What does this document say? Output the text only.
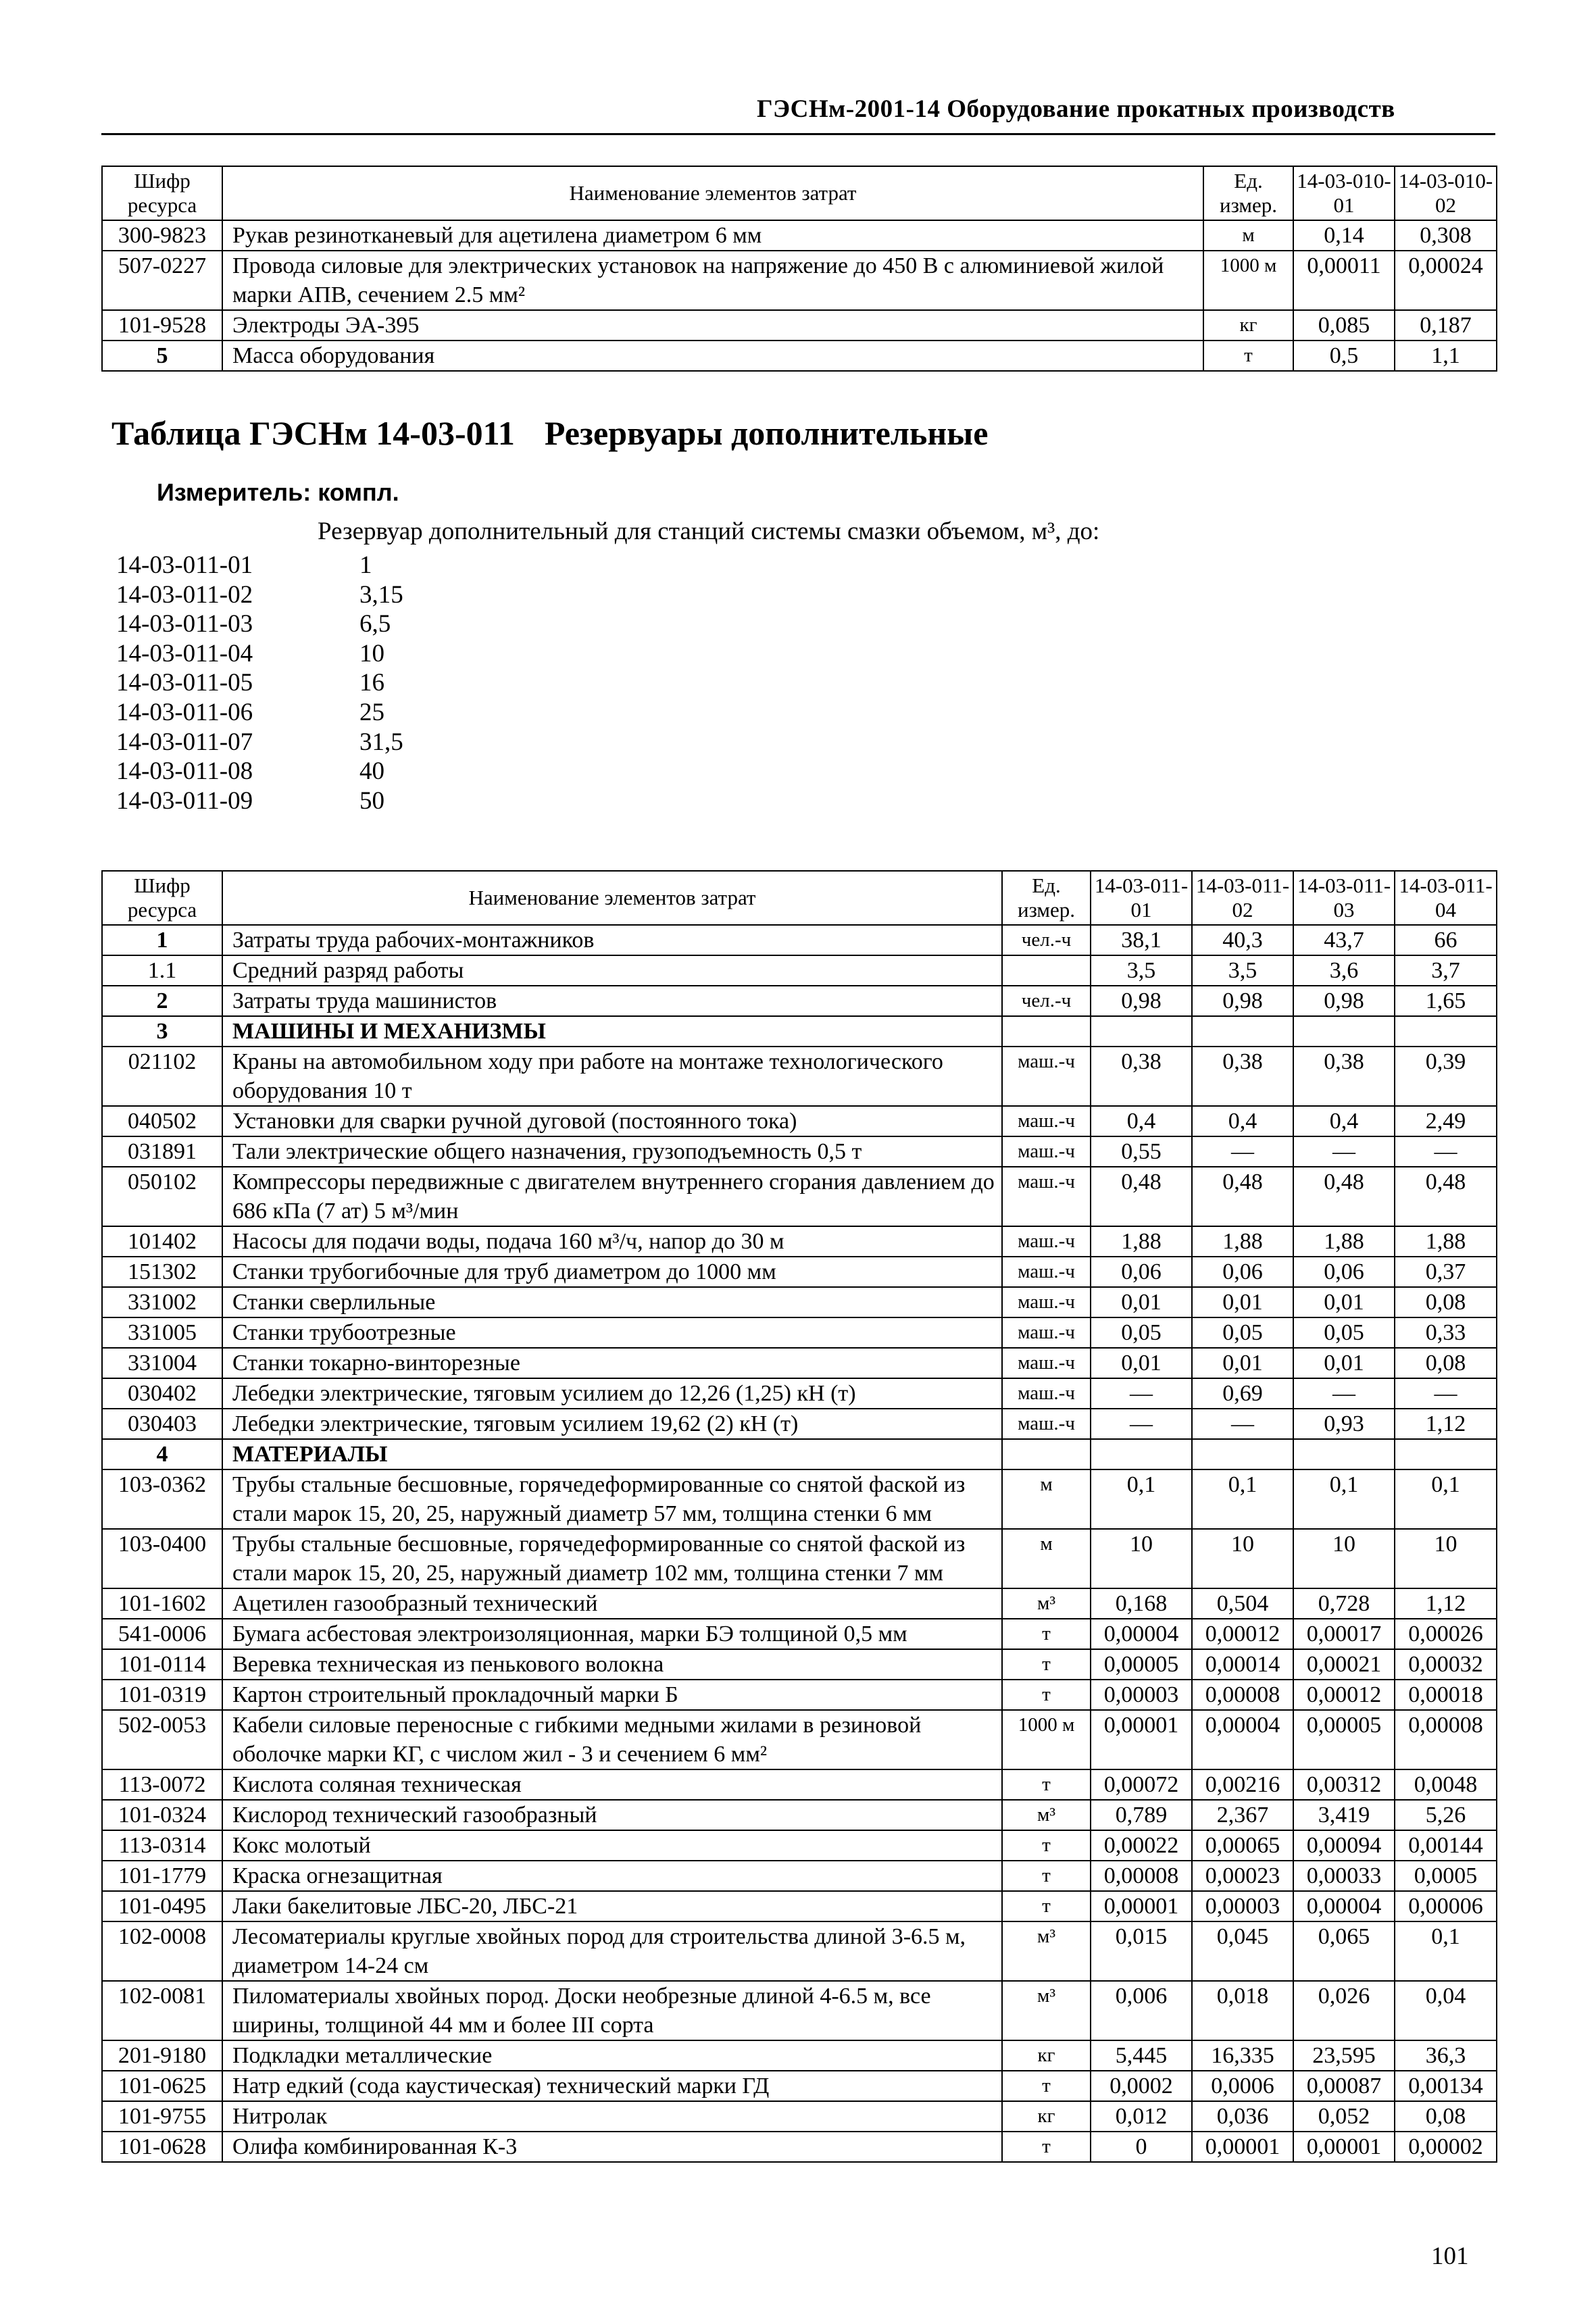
ГЭСНм-2001-14 Оборудование прокатных производств
Шифр ресурса	Наименование элементов затрат	Ед. измер.	14-03-010-01	14-03-010-02
300-9823	Рукав резинотканевый для ацетилена диаметром 6 мм	м	0,14	0,308
507-0227	Провода силовые для электрических установок на напряжение до 450 В с алюминиевой жилой марки АПВ, сечением 2.5 мм²	1000 м	0,00011	0,00024
101-9528	Электроды ЭА-395	кг	0,085	0,187
5	Масса оборудования	т	0,5	1,1
Таблица ГЭСНм 14-03-011 Резервуары дополнительные
Измеритель: компл.
Резервуар дополнительный для станций системы смазки объемом, м³, до:
14-03-011-01	1
14-03-011-02	3,15
14-03-011-03	6,5
14-03-011-04	10
14-03-011-05	16
14-03-011-06	25
14-03-011-07	31,5
14-03-011-08	40
14-03-011-09	50
Шифр ресурса	Наименование элементов затрат	Ед. измер.	14-03-011-01	14-03-011-02	14-03-011-03	14-03-011-04
1	Затраты труда рабочих-монтажников	чел.-ч	38,1	40,3	43,7	66
1.1	Средний разряд работы		3,5	3,5	3,6	3,7
2	Затраты труда машинистов	чел.-ч	0,98	0,98	0,98	1,65
3	МАШИНЫ И МЕХАНИЗМЫ					
021102	Краны на автомобильном ходу при работе на монтаже технологического оборудования 10 т	маш.-ч	0,38	0,38	0,38	0,39
040502	Установки для сварки ручной дуговой (постоянного тока)	маш.-ч	0,4	0,4	0,4	2,49
031891	Тали электрические общего назначения, грузоподъемность 0,5 т	маш.-ч	0,55	—	—	—
050102	Компрессоры передвижные с двигателем внутреннего сгорания давлением до 686 кПа (7 ат) 5 м³/мин	маш.-ч	0,48	0,48	0,48	0,48
101402	Насосы для подачи воды, подача 160 м³/ч, напор до 30 м	маш.-ч	1,88	1,88	1,88	1,88
151302	Станки трубогибочные для труб диаметром до 1000 мм	маш.-ч	0,06	0,06	0,06	0,37
331002	Станки сверлильные	маш.-ч	0,01	0,01	0,01	0,08
331005	Станки трубоотрезные	маш.-ч	0,05	0,05	0,05	0,33
331004	Станки токарно-винторезные	маш.-ч	0,01	0,01	0,01	0,08
030402	Лебедки электрические, тяговым усилием до 12,26 (1,25) кН (т)	маш.-ч	—	0,69	—	—
030403	Лебедки электрические, тяговым усилием 19,62 (2) кН (т)	маш.-ч	—	—	0,93	1,12
4	МАТЕРИАЛЫ					
103-0362	Трубы стальные бесшовные, горячедеформированные со снятой фаской из стали марок 15, 20, 25, наружный диаметр 57 мм, толщина стенки 6 мм	м	0,1	0,1	0,1	0,1
103-0400	Трубы стальные бесшовные, горячедеформированные со снятой фаской из стали марок 15, 20, 25, наружный диаметр 102 мм, толщина стенки 7 мм	м	10	10	10	10
101-1602	Ацетилен газообразный технический	м³	0,168	0,504	0,728	1,12
541-0006	Бумага асбестовая электроизоляционная, марки БЭ толщиной 0,5 мм	т	0,00004	0,00012	0,00017	0,00026
101-0114	Веревка техническая из пенькового волокна	т	0,00005	0,00014	0,00021	0,00032
101-0319	Картон строительный прокладочный марки Б	т	0,00003	0,00008	0,00012	0,00018
502-0053	Кабели силовые переносные с гибкими медными жилами в резиновой оболочке марки КГ, с числом жил - 3 и сечением 6 мм²	1000 м	0,00001	0,00004	0,00005	0,00008
113-0072	Кислота соляная техническая	т	0,00072	0,00216	0,00312	0,0048
101-0324	Кислород технический газообразный	м³	0,789	2,367	3,419	5,26
113-0314	Кокс молотый	т	0,00022	0,00065	0,00094	0,00144
101-1779	Краска огнезащитная	т	0,00008	0,00023	0,00033	0,0005
101-0495	Лаки бакелитовые ЛБС-20, ЛБС-21	т	0,00001	0,00003	0,00004	0,00006
102-0008	Лесоматериалы круглые хвойных пород для строительства длиной 3-6.5 м, диаметром 14-24 см	м³	0,015	0,045	0,065	0,1
102-0081	Пиломатериалы хвойных пород. Доски необрезные длиной 4-6.5 м, все ширины, толщиной 44 мм и более III сорта	м³	0,006	0,018	0,026	0,04
201-9180	Подкладки металлические	кг	5,445	16,335	23,595	36,3
101-0625	Натр едкий (сода каустическая) технический марки ГД	т	0,0002	0,0006	0,00087	0,00134
101-9755	Нитролак	кг	0,012	0,036	0,052	0,08
101-0628	Олифа комбинированная К-3	т	0	0,00001	0,00001	0,00002
101
